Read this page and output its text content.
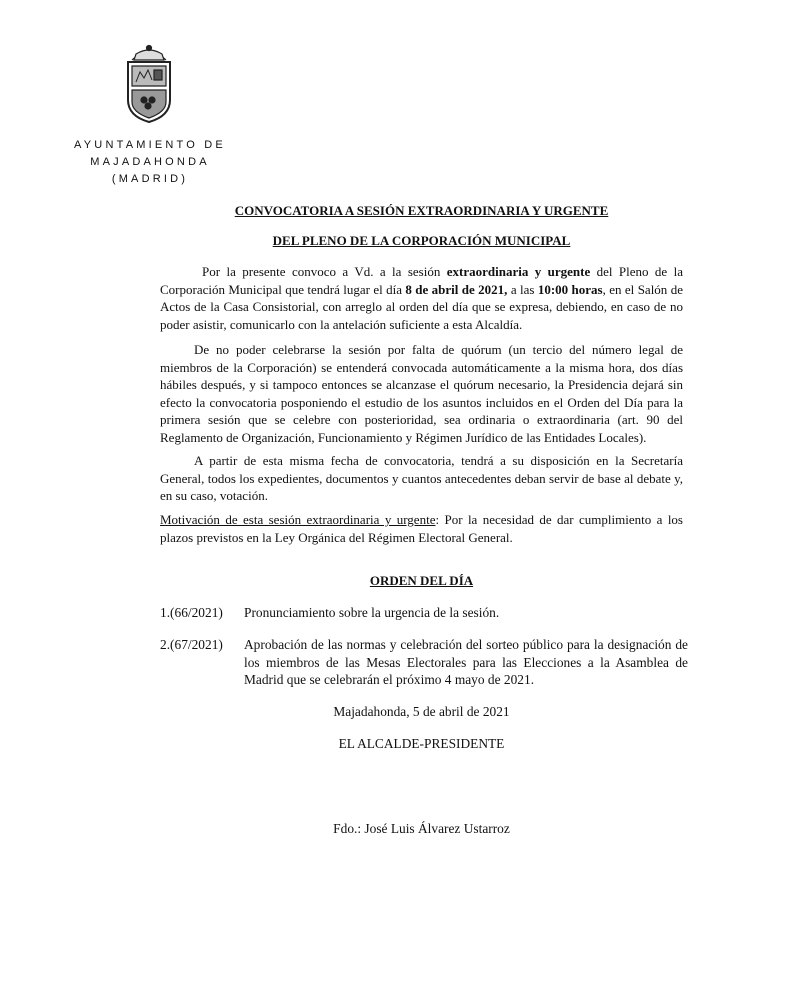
AYUNTAMIENTO DE
MAJADAHONDA
(MADRID)
CONVOCATORIA A SESIÓN EXTRAORDINARIA Y URGENTE
DEL PLENO DE LA CORPORACIÓN MUNICIPAL

Por la presente convoco a Vd. a la sesión extraordinaria y urgente del Pleno de la Corporación Municipal que tendrá lugar el día 8 de abril de 2021, a las 10:00 horas, en el Salón de Actos de la Casa Consistorial, con arreglo al orden del día que se expresa, debiendo, en caso de no poder asistir, comunicarlo con la antelación suficiente a esta Alcaldía.

De no poder celebrarse la sesión por falta de quórum (un tercio del número legal de miembros de la Corporación) se entenderá convocada automáticamente a la misma hora, dos días hábiles después, y si tampoco entonces se alcanzase el quórum necesario, la Presidencia dejará sin efecto la convocatoria posponiendo el estudio de los asuntos incluidos en el Orden del Día para la primera sesión que se celebre con posterioridad, sea ordinaria o extraordinaria (art. 90 del Reglamento de Organización, Funcionamiento y Régimen Jurídico de las Entidades Locales).

A partir de esta misma fecha de convocatoria, tendrá a su disposición en la Secretaría General, todos los expedientes, documentos y cuantos antecedentes deban servir de base al debate y, en su caso, votación.

Motivación de esta sesión extraordinaria y urgente: Por la necesidad de dar cumplimiento a los plazos previstos en la Ley Orgánica del Régimen Electoral General.

ORDEN DEL DÍA
1.(66/2021) Pronunciamiento sobre la urgencia de la sesión.
2.(67/2021) Aprobación de las normas y celebración del sorteo público para la designación de los miembros de las Mesas Electorales para las Elecciones a la Asamblea de Madrid que se celebrarán el próximo 4 mayo de 2021.
Majadahonda, 5 de abril de 2021
EL ALCALDE-PRESIDENTE
Fdo.: José Luis Álvarez Ustarroz
